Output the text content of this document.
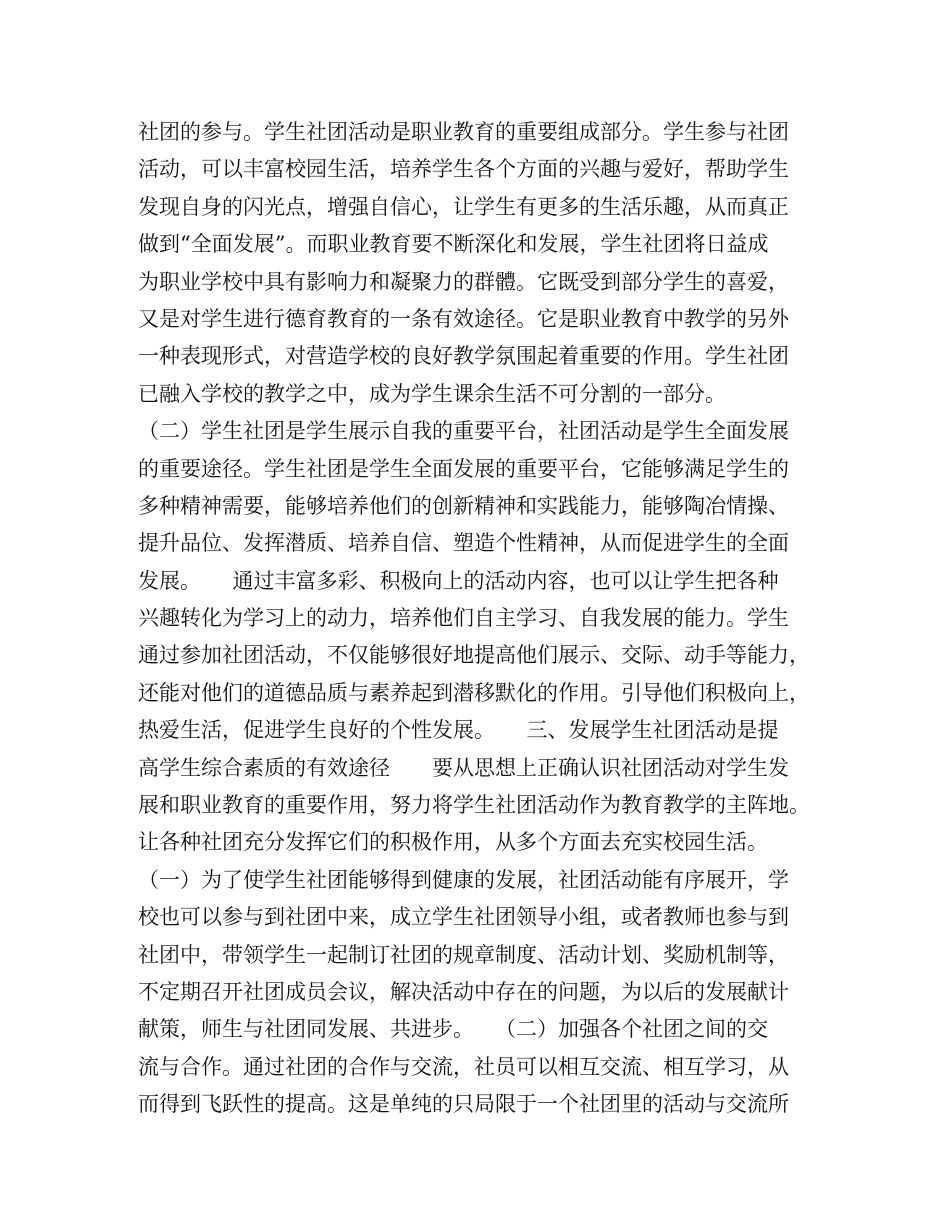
社团的参与。学生社团活动是职业教育的重要组成部分。学生参与社团
活动，可以丰富校园生活，培养学生各个方面的兴趣与爱好，帮助学生
发现自身的闪光点，增强自信心，让学生有更多的生活乐趣，从而真正
做到“全面发展”。而职业教育要不断深化和发展，学生社团将日益成
为职业学校中具有影响力和凝聚力的群體。它既受到部分学生的喜爱，
又是对学生进行德育教育的一条有效途径。它是职业教育中教学的另外
一种表现形式，对营造学校的良好教学氛围起着重要的作用。学生社团
已融入学校的教学之中，成为学生课余生活不可分割的一部分。
（二）学生社团是学生展示自我的重要平台，社团活动是学生全面发展
的重要途径。学生社团是学生全面发展的重要平台，它能够满足学生的
多种精神需要，能够培养他们的创新精神和实践能力，能够陶冶情操、
提升品位、发挥潜质、培养自信、塑造个性精神，从而促进学生的全面
发展。　　通过丰富多彩、积极向上的活动内容，也可以让学生把各种
兴趣转化为学习上的动力，培养他们自主学习、自我发展的能力。学生
通过参加社团活动，不仅能够很好地提高他们展示、交际、动手等能力，
还能对他们的道德品质与素养起到潜移默化的作用。引导他们积极向上，
热爱生活，促进学生良好的个性发展。　　三、发展学生社团活动是提
高学生综合素质的有效途径　　要从思想上正确认识社团活动对学生发
展和职业教育的重要作用，努力将学生社团活动作为教育教学的主阵地。
让各种社团充分发挥它们的积极作用，从多个方面去充实校园生活。
（一）为了使学生社团能够得到健康的发展，社团活动能有序展开，学
校也可以参与到社团中来，成立学生社团领导小组，或者教师也参与到
社团中，带领学生一起制订社团的规章制度、活动计划、奖励机制等，
不定期召开社团成员会议，解决活动中存在的问题，为以后的发展献计
献策，师生与社团同发展、共进步。　　（二）加强各个社团之间的交
流与合作。通过社团的合作与交流，社员可以相互交流、相互学习，从
而得到飞跃性的提高。这是单纯的只局限于一个社团里的活动与交流所
